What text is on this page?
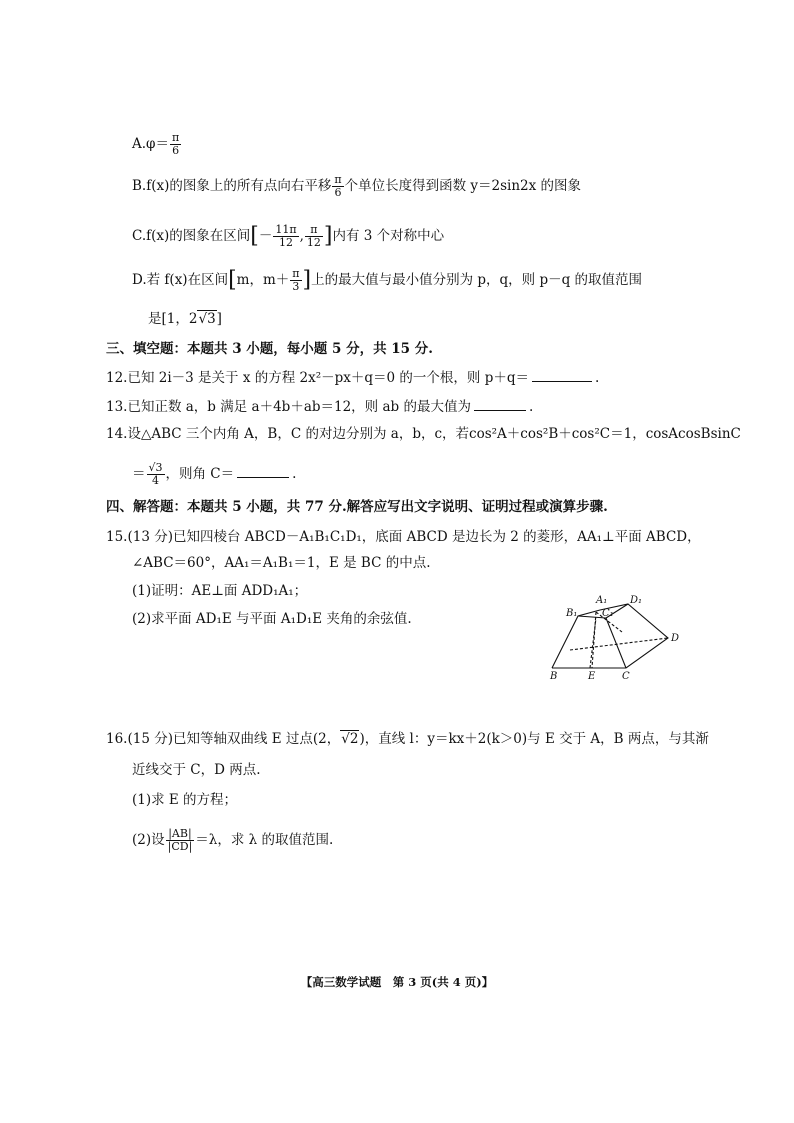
$A.\varphi= \frac{\pi}{6}$
B.f(x)的图象上的所有点向右平移 $\frac{\pi}{6}$ 个单位长度得到函数 y＝2sin2x 的图象
C.f(x)的图象在区间[－ $\frac{11\pi}{12}$ , $\frac{\pi}{12}$ ]内有 3 个对称中心
D.若 f(x)在区间[m，$m+ \frac{\pi}{3}$ ]上的最大值与最小值分别为 p，q，则 p－q 的取值范围
是[1，2√3]
三、填空题：本题共 3 小题，每小题 5 分，共 15 分.
12.已知 2i－3 是关于 x 的方程 2x²－px＋q＝0 的一个根，则 p＋q＝	.
13.已知正数 a，b 满足 a＋4b＋ab＝12，则 ab 的最大值为	.
14.设△ABC 三个内角 A，B，C 的对边分别为 a，b，c，若cos²A＋cos²B＋cos²C＝1，cosAcosBsinC
＝ $\frac{√3}{4}$ ，则角 C＝	.
四、解答题：本题共 5 小题，共 77 分.解答应写出文字说明、证明过程或演算步骤.
15.(13 分)已知四棱台 ABCD－A₁B₁C₁D₁，底面 ABCD 是边长为 2 的菱形，AA₁⊥平面 ABCD，
∠ABC＝60°，AA₁＝A₁B₁＝1，E 是 BC 的中点.
(1)证明：AE⊥面 ADD₁A₁；
(2)求平面 AD₁E 与平面 A₁D₁E 夹角的余弦值.
A₁
B₁ C₁
D₁
B	E	C
D
16.(15 分)已知等轴双曲线 E 过点(2，√2)，直线 l：y＝kx＋2(k＞0)与 E 交于 A，B 两点，与其渐
近线交于 C，D 两点.
(1)求 E 的方程；
(2)设 $\frac{|AB|}{|CD|} =\lambda$，求 λ 的取值范围.
【高三数学试题　第 3 页(共 4 页)】
